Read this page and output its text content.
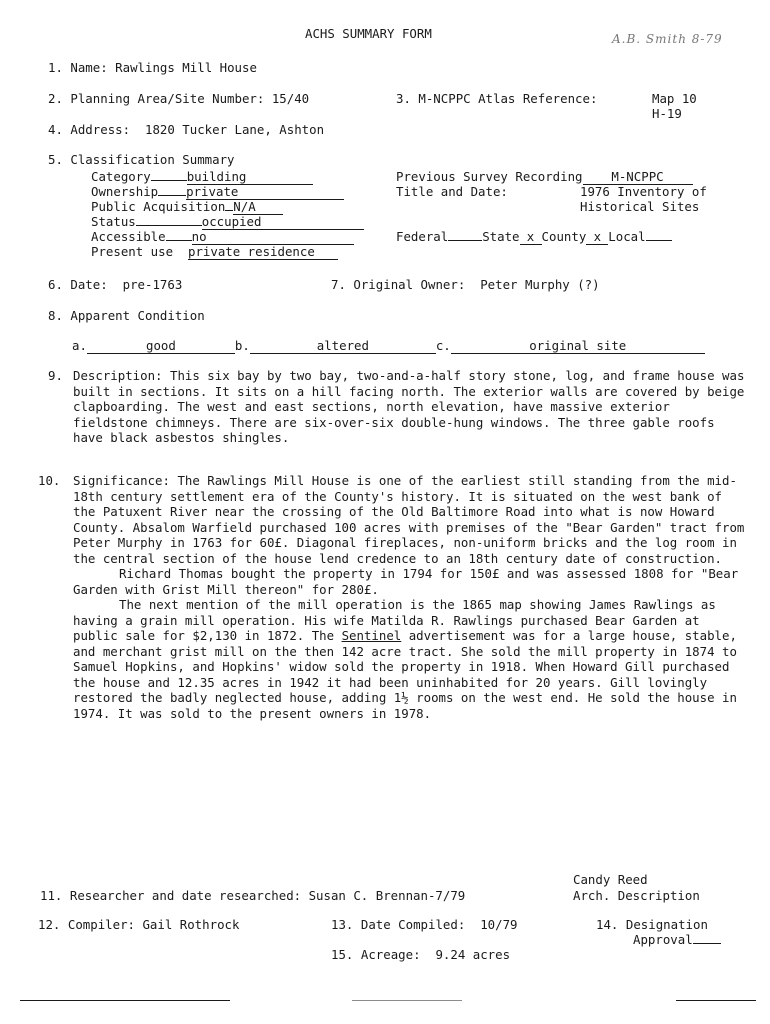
ACHS SUMMARY FORM	A.B. Smith 8-79
1. Name: Rawlings Mill House
2. Planning Area/Site Number: 15/40	3. M-NCPPC Atlas Reference:	Map 10
H-19
4. Address: 1820 Tucker Lane, Ashton
5. Classification Summary
Category	building
Ownership private
Public Acquisition N/A
Status	occupied
Accessible no
Present use private residence
Previous Survey Recording M-NCPPC
Title and Date:	1976 Inventory of
Historical Sites
Federal	State x County x Local
6. Date: pre-1763	7. Original Owner: Peter Murphy (?)
8. Apparent Condition
a.	good	b.	altered	c.	original site
9. Description: This six bay by two bay, two-and-a-half story stone, log, and frame house was built in sections. It sits on a hill facing north. The exterior walls are covered by beige clapboarding. The west and east sections, north elevation, have massive exterior fieldstone chimneys. There are six-over-six double-hung windows. The three gable roofs have black asbestos shingles.
10. Significance: The Rawlings Mill House is one of the earliest still standing from the mid-18th century settlement era of the County's history. It is situated on the west bank of the Patuxent River near the crossing of the Old Baltimore Road into what is now Howard County. Absalom Warfield purchased 100 acres with premises of the "Bear Garden" tract from Peter Murphy in 1763 for 60£. Diagonal fireplaces, non-uniform bricks and the log room in the central section of the house lend credence to an 18th century date of construction.
Richard Thomas bought the property in 1794 for 150£ and was assessed 1808 for "Bear Garden with Grist Mill thereon" for 280£.
The next mention of the mill operation is the 1865 map showing James Rawlings as having a grain mill operation. His wife Matilda R. Rawlings purchased Bear Garden at public sale for $2,130 in 1872. The Sentinel advertisement was for a large house, stable, and merchant grist mill on the then 142 acre tract. She sold the mill property in 1874 to Samuel Hopkins, and Hopkins' widow sold the property in 1918. When Howard Gill purchased the house and 12.35 acres in 1942 it had been uninhabited for 20 years. Gill lovingly restored the badly neglected house, adding 1½ rooms on the west end. He sold the house in 1974. It was sold to the present owners in 1978.
Candy Reed
Arch. Description
11. Researcher and date researched: Susan C. Brennan-7/79
12. Compiler: Gail Rothrock	13. Date Compiled: 10/79	14. Designation
Approval
15. Acreage: 9.24 acres
